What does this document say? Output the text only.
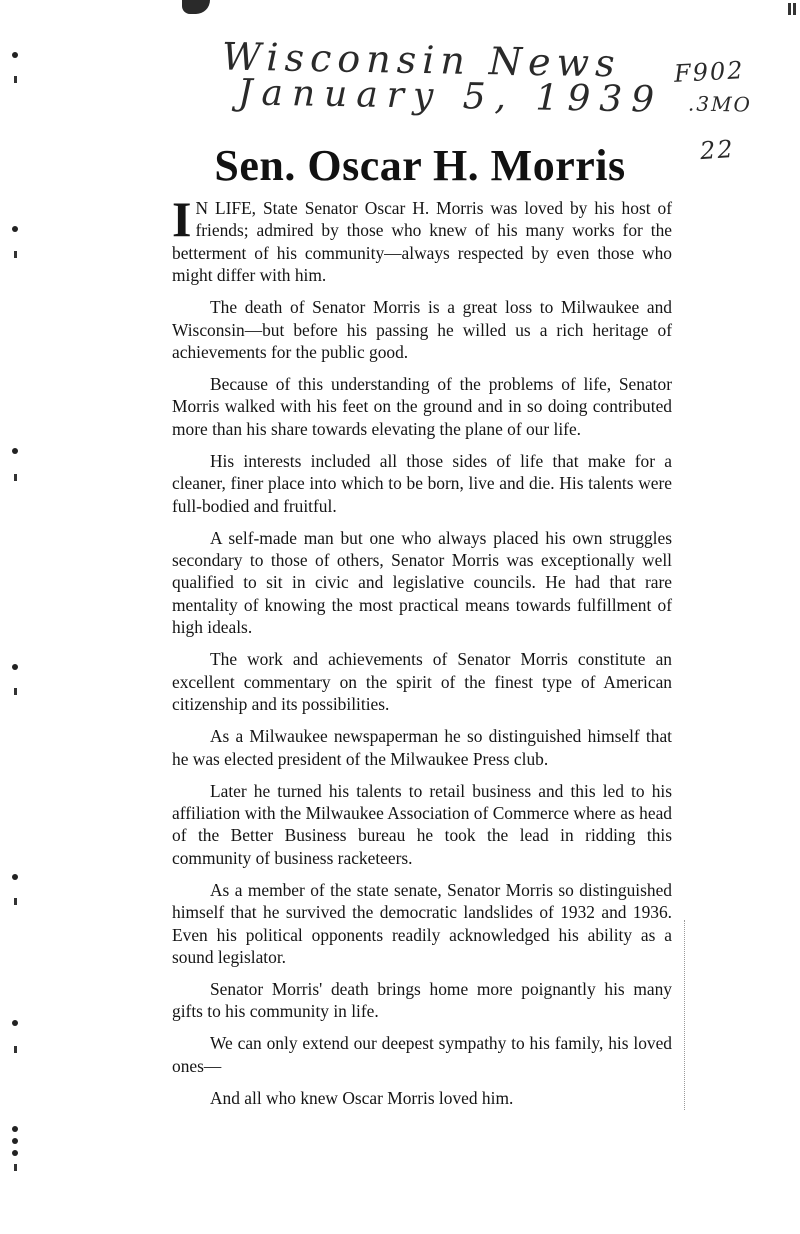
Wisconsin News
January 5, 1939
F902
.3MO
22
Sen. Oscar H. Morris

I N LIFE, State Senator Oscar H. Morris was loved by his host of friends; admired by those who knew of his many works for the betterment of his community—always respected by even those who might differ with him.

The death of Senator Morris is a great loss to Milwaukee and Wisconsin—but before his passing he willed us a rich heritage of achievements for the public good.

Because of this understanding of the problems of life, Senator Morris walked with his feet on the ground and in so doing contributed more than his share towards elevating the plane of our life.

His interests included all those sides of life that make for a cleaner, finer place into which to be born, live and die. His talents were full-bodied and fruitful.

A self-made man but one who always placed his own struggles secondary to those of others, Senator Morris was exceptionally well qualified to sit in civic and legislative councils. He had that rare mentality of knowing the most practical means towards fulfillment of high ideals.

The work and achievements of Senator Morris constitute an excellent commentary on the spirit of the finest type of American citizenship and its possibilities.

As a Milwaukee newspaperman he so distinguished himself that he was elected president of the Milwaukee Press club.

Later he turned his talents to retail business and this led to his affiliation with the Milwaukee Association of Commerce where as head of the Better Business bureau he took the lead in ridding this community of business racketeers.

As a member of the state senate, Senator Morris so distinguished himself that he survived the democratic landslides of 1932 and 1936. Even his political opponents readily acknowledged his ability as a sound legislator.

Senator Morris' death brings home more poignantly his many gifts to his community in life.

We can only extend our deepest sympathy to his family, his loved ones—

And all who knew Oscar Morris loved him.
